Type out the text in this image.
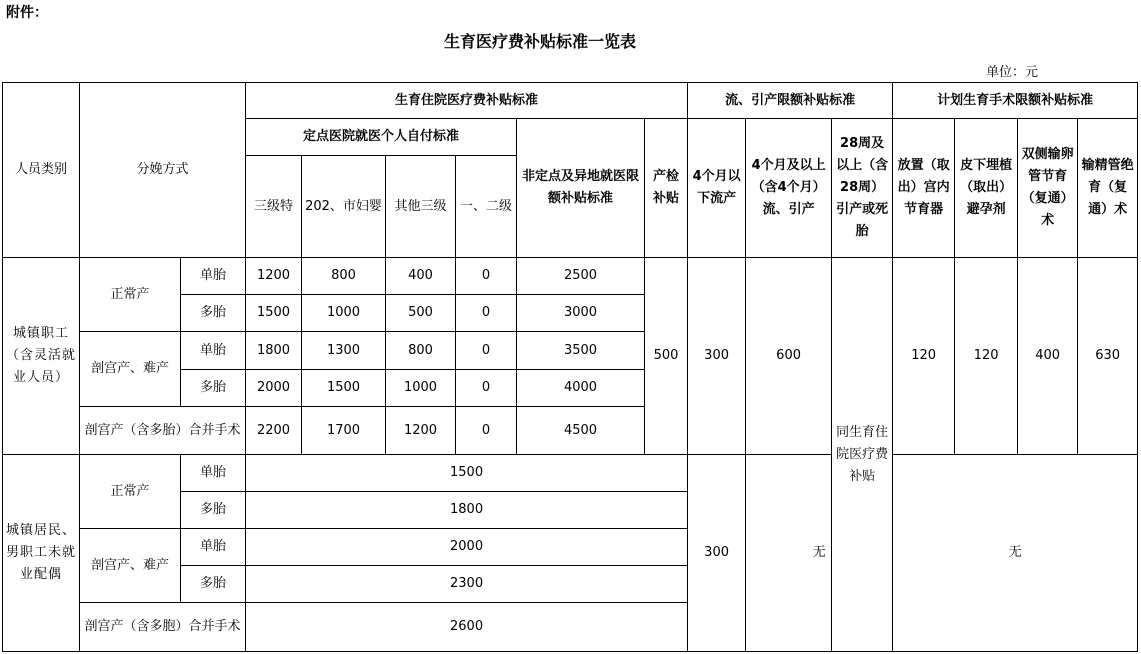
附件：
生育医疗费补贴标准一览表
单位：元
人员类别	分娩方式		生育住院医疗费补贴标准						流、引产限额补贴标准			计划生育手术限额补贴标准			
			定点医院就医个人自付标准				非定点及异地就医限额补贴标准	产检补贴	4个月以下流产	4个月及以上（含4个月）流、引产	28周及以上（含28周）引产或死胎	放置（取出）宫内节育器	皮下埋植（取出）避孕剂	双侧输卵管节育（复通）术	输精管绝育（复通）术
			三级特	202、市妇婴	其他三级	一、二级									
城镇职工（含灵活就业人员）	正常产	单胎	1200	800	400	0	2500	500	300	600	同生育住院医疗费补贴	120	120	400	630
		多胎	1500	1000	500	0	3000								
	剖宫产、难产	单胎	1800	1300	800	0	3500								
		多胎	2000	1500	1000	0	4000								
	剖宫产（含多胎）合并手术		2200	1700	1200	0	4500								
城镇居民、男职工未就业配偶	正常产	单胎	1500						300	无		无			
		多胎	1800												
	剖宫产、难产	单胎	2000												
		多胎	2300												
	剖宫产（含多胞）合并手术		2600												
